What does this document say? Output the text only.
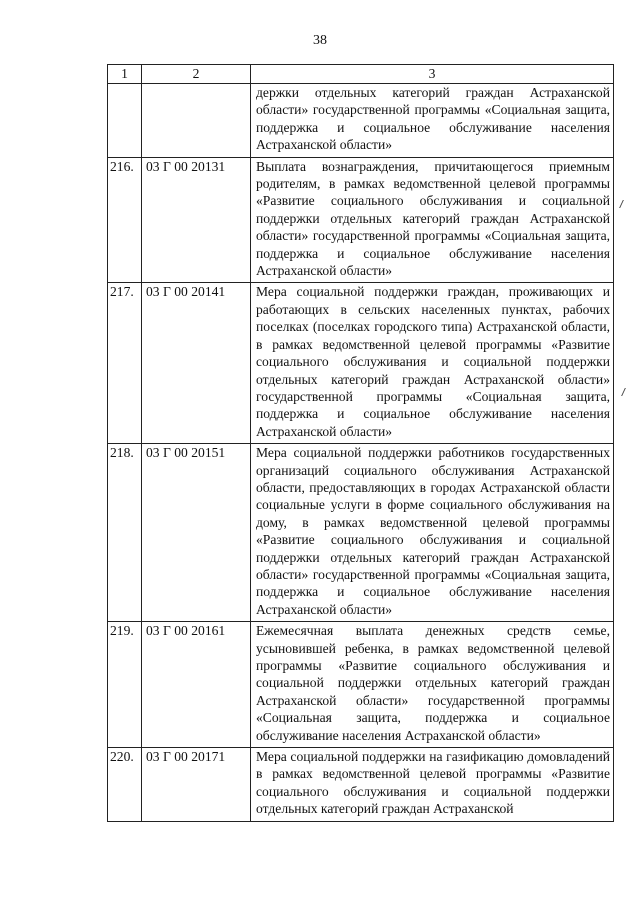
38
1	2	3
		держки отдельных категорий граждан Астраханской области» государственной программы «Социальная защита, поддержка и социальное обслуживание населения Астраханской области»
216.	03 Г 00 20131	Выплата вознаграждения, причитающегося приемным родителям, в рамках ведомственной целевой программы «Развитие социального обслуживания и социальной поддержки отдельных категорий граждан Астраханской области» государственной программы «Социальная защита, поддержка и социальное обслуживание населения Астраханской области»
217.	03 Г 00 20141	Мера социальной поддержки граждан, проживающих и работающих в сельских населенных пунктах, рабочих поселках (поселках городского типа) Астраханской области, в рамках ведомственной целевой программы «Развитие социального обслуживания и социальной поддержки отдельных категорий граждан Астраханской области» государственной программы «Социальная защита, поддержка и социальное обслуживание населения Астраханской области»
218.	03 Г 00 20151	Мера социальной поддержки работников государственных организаций социального обслуживания Астраханской области, предоставляющих в городах Астраханской области социальные услуги в форме социального обслуживания на дому, в рамках ведомственной целевой программы «Развитие социального обслуживания и социальной поддержки отдельных категорий граждан Астраханской области» государственной программы «Социальная защита, поддержка и социальное обслуживание населения Астраханской области»
219.	03 Г 00 20161	Ежемесячная выплата денежных средств семье, усыновившей ребенка, в рамках ведомственной целевой программы «Развитие социального обслуживания и социальной поддержки отдельных категорий граждан Астраханской области» государственной программы «Социальная защита, поддержка и социальное обслуживание населения Астраханской области»
220.	03 Г 00 20171	Мера социальной поддержки на газификацию домовладений в рамках ведомственной целевой программы «Развитие социального обслуживания и социальной поддержки отдельных категорий граждан Астраханской
